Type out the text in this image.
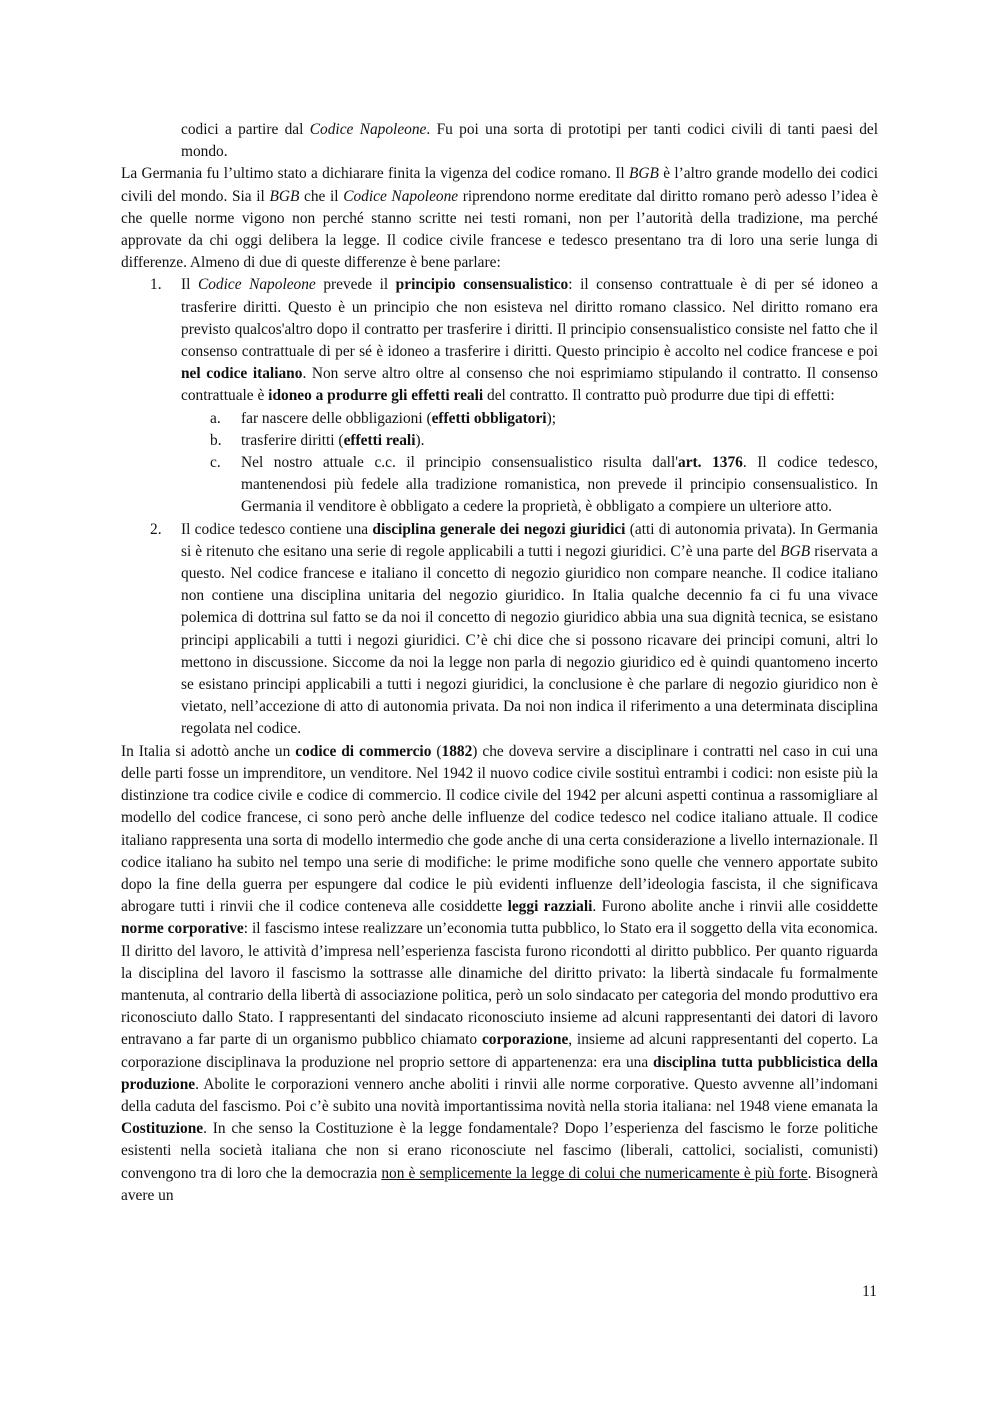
codici a partire dal Codice Napoleone. Fu poi una sorta di prototipi per tanti codici civili di tanti paesi del mondo.

La Germania fu l’ultimo stato a dichiarare finita la vigenza del codice romano. Il BGB è l’altro grande modello dei codici civili del mondo. Sia il BGB che il Codice Napoleone riprendono norme ereditate dal diritto romano però adesso l’idea è che quelle norme vigono non perché stanno scritte nei testi romani, non per l’autorità della tradizione, ma perché approvate da chi oggi delibera la legge. Il codice civile francese e tedesco presentano tra di loro una serie lunga di differenze. Almeno di due di queste differenze è bene parlare:

1. Il Codice Napoleone prevede il principio consensualistico: il consenso contrattuale è di per sé idoneo a trasferire diritti. Questo è un principio che non esisteva nel diritto romano classico. Nel diritto romano era previsto qualcos'altro dopo il contratto per trasferire i diritti. Il principio consensualistico consiste nel fatto che il consenso contrattuale di per sé è idoneo a trasferire i diritti. Questo principio è accolto nel codice francese e poi nel codice italiano. Non serve altro oltre al consenso che noi esprimiamo stipulando il contratto. Il consenso contrattuale è idoneo a produrre gli effetti reali del contratto. Il contratto può produrre due tipi di effetti:
a. far nascere delle obbligazioni (effetti obbligatori);
b. trasferire diritti (effetti reali).
c. Nel nostro attuale c.c. il principio consensualistico risulta dall'art. 1376. Il codice tedesco, mantenendosi più fedele alla tradizione romanistica, non prevede il principio consensualistico. In Germania il venditore è obbligato a cedere la proprietà, è obbligato a compiere un ulteriore atto.
2. Il codice tedesco contiene una disciplina generale dei negozi giuridici (atti di autonomia privata). In Germania si è ritenuto che esitano una serie di regole applicabili a tutti i negozi giuridici. C’è una parte del BGB riservata a questo. Nel codice francese e italiano il concetto di negozio giuridico non compare neanche. Il codice italiano non contiene una disciplina unitaria del negozio giuridico. In Italia qualche decennio fa ci fu una vivace polemica di dottrina sul fatto se da noi il concetto di negozio giuridico abbia una sua dignità tecnica, se esistano principi applicabili a tutti i negozi giuridici. C’è chi dice che si possono ricavare dei principi comuni, altri lo mettono in discussione. Siccome da noi la legge non parla di negozio giuridico ed è quindi quantomeno incerto se esistano principi applicabili a tutti i negozi giuridici, la conclusione è che parlare di negozio giuridico non è vietato, nell’accezione di atto di autonomia privata. Da noi non indica il riferimento a una determinata disciplina regolata nel codice.

In Italia si adottò anche un codice di commercio (1882) che doveva servire a disciplinare i contratti nel caso in cui una delle parti fosse un imprenditore, un venditore. Nel 1942 il nuovo codice civile sostituì entrambi i codici: non esiste più la distinzione tra codice civile e codice di commercio. Il codice civile del 1942 per alcuni aspetti continua a rassomigliare al modello del codice francese, ci sono però anche delle influenze del codice tedesco nel codice italiano attuale. Il codice italiano rappresenta una sorta di modello intermedio che gode anche di una certa considerazione a livello internazionale. Il codice italiano ha subito nel tempo una serie di modifiche: le prime modifiche sono quelle che vennero apportate subito dopo la fine della guerra per espungere dal codice le più evidenti influenze dell’ideologia fascista, il che significava abrogare tutti i rinvii che il codice conteneva alle cosiddette leggi razziali. Furono abolite anche i rinvii alle cosiddette norme corporative: il fascismo intese realizzare un’economia tutta pubblico, lo Stato era il soggetto della vita economica. Il diritto del lavoro, le attività d’impresa nell’esperienza fascista furono ricondotti al diritto pubblico. Per quanto riguarda la disciplina del lavoro il fascismo la sottrasse alle dinamiche del diritto privato: la libertà sindacale fu formalmente mantenuta, al contrario della libertà di associazione politica, però un solo sindacato per categoria del mondo produttivo era riconosciuto dallo Stato. I rappresentanti del sindacato riconosciuto insieme ad alcuni rappresentanti dei datori di lavoro entravano a far parte di un organismo pubblico chiamato corporazione, insieme ad alcuni rappresentanti del coperto. La corporazione disciplinava la produzione nel proprio settore di appartenenza: era una disciplina tutta pubblicistica della produzione. Abolite le corporazioni vennero anche aboliti i rinvii alle norme corporative. Questo avvenne all’indomani della caduta del fascismo. Poi c’è subito una novità importantissima novità nella storia italiana: nel 1948 viene emanata la Costituzione. In che senso la Costituzione è la legge fondamentale? Dopo l’esperienza del fascismo le forze politiche esistenti nella società italiana che non si erano riconosciute nel fascimo (liberali, cattolici, socialisti, comunisti) convengono tra di loro che la democrazia non è semplicemente la legge di colui che numericamente è più forte. Bisognerà avere un

11
